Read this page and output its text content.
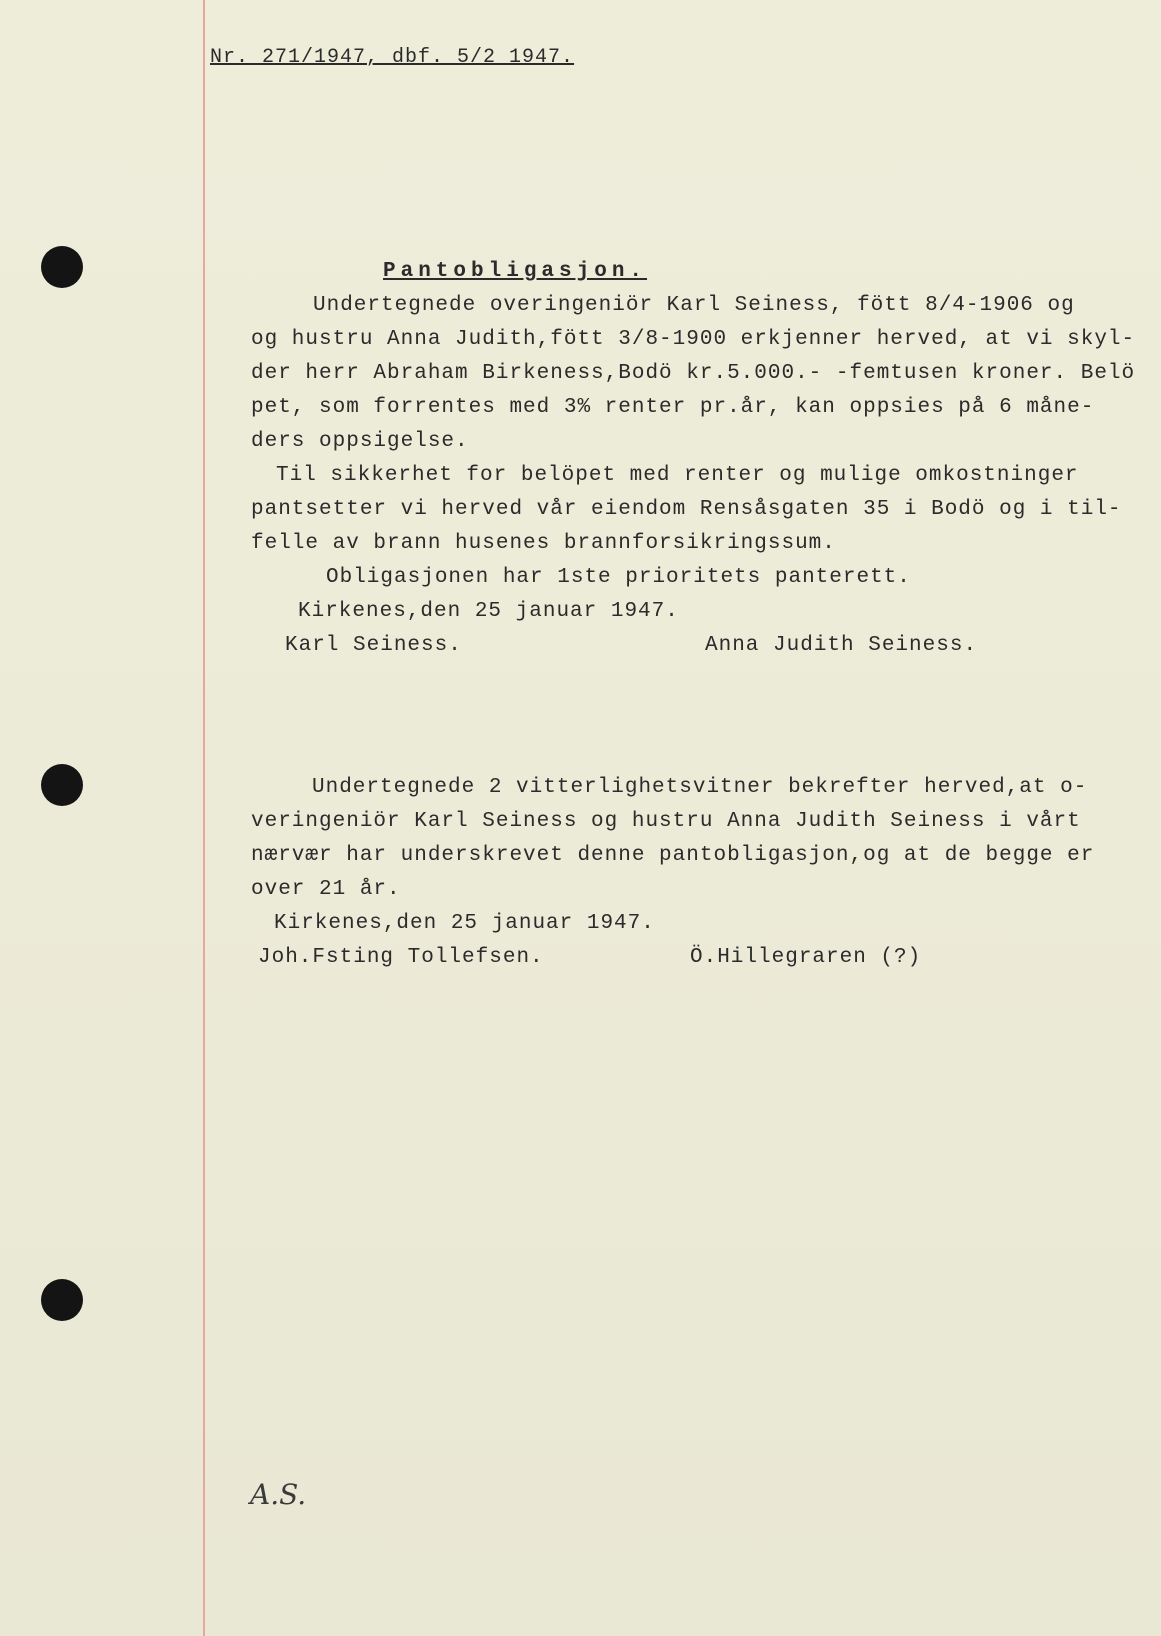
Nr. 271/1947, dbf. 5/2 1947.
Pantobligasjon.
Undertegnede overingeniör Karl Seiness, fött 8/4-1906 og
og hustru Anna Judith,fött 3/8-1900 erkjenner herved, at vi skyl-
der herr Abraham Birkeness,Bodö kr.5.000.- -femtusen kroner. Belö
pet, som forrentes med 3% renter pr.år, kan oppsies på 6 måne-
ders oppsigelse.
Til sikkerhet for belöpet med renter og mulige omkostninger
pantsetter vi herved vår eiendom Rensåsgaten 35 i Bodö og i til-
felle av brann husenes brannforsikringssum.
Obligasjonen har 1ste prioritets panterett.
Kirkenes,den 25 januar 1947.
Karl Seiness.	Anna Judith Seiness.
Undertegnede 2 vitterlighetsvitner bekrefter herved,at o-
veringeniör Karl Seiness og hustru Anna Judith Seiness i vårt
nærvær har underskrevet denne pantobligasjon,og at de begge er
over 21 år.
Kirkenes,den 25 januar 1947.
Joh.Fsting Tollefsen.	Ö.Hillegraren (?)
A.S.
